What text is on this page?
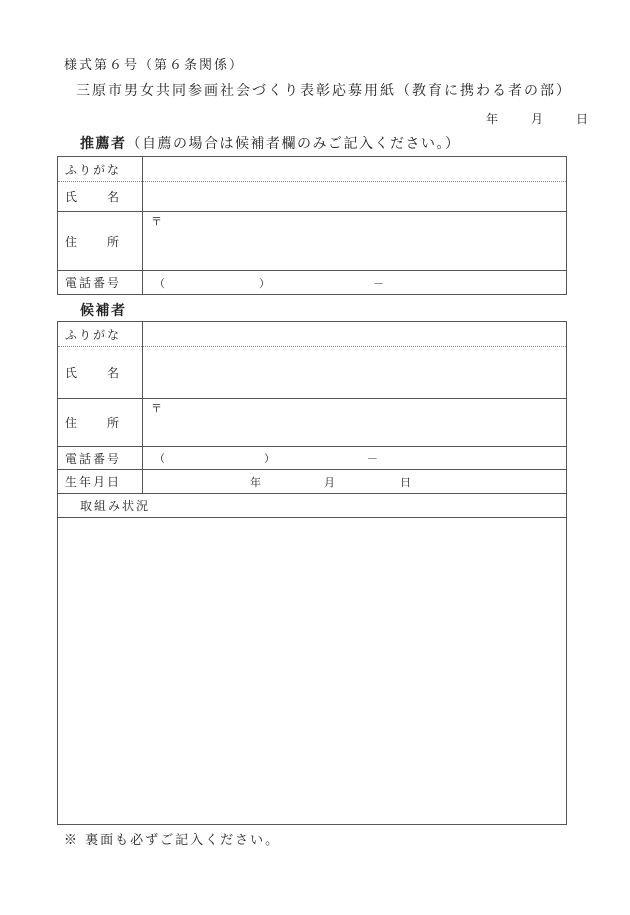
様式第６号（第６条関係）
三原市男女共同参画社会づくり表彰応募用紙（教育に携わる者の部）
年	月	日
推薦者（自薦の場合は候補者欄のみご記入ください。）
ふりがな	
氏　　名	
住　　所	〒

電話番号	（ ） －
候補者
ふりがな	
氏　　名	
住　　所	〒

電話番号	（ ） －

生年月日	年 月 日

取組み状況	

※ 裏面も必ずご記入ください。
